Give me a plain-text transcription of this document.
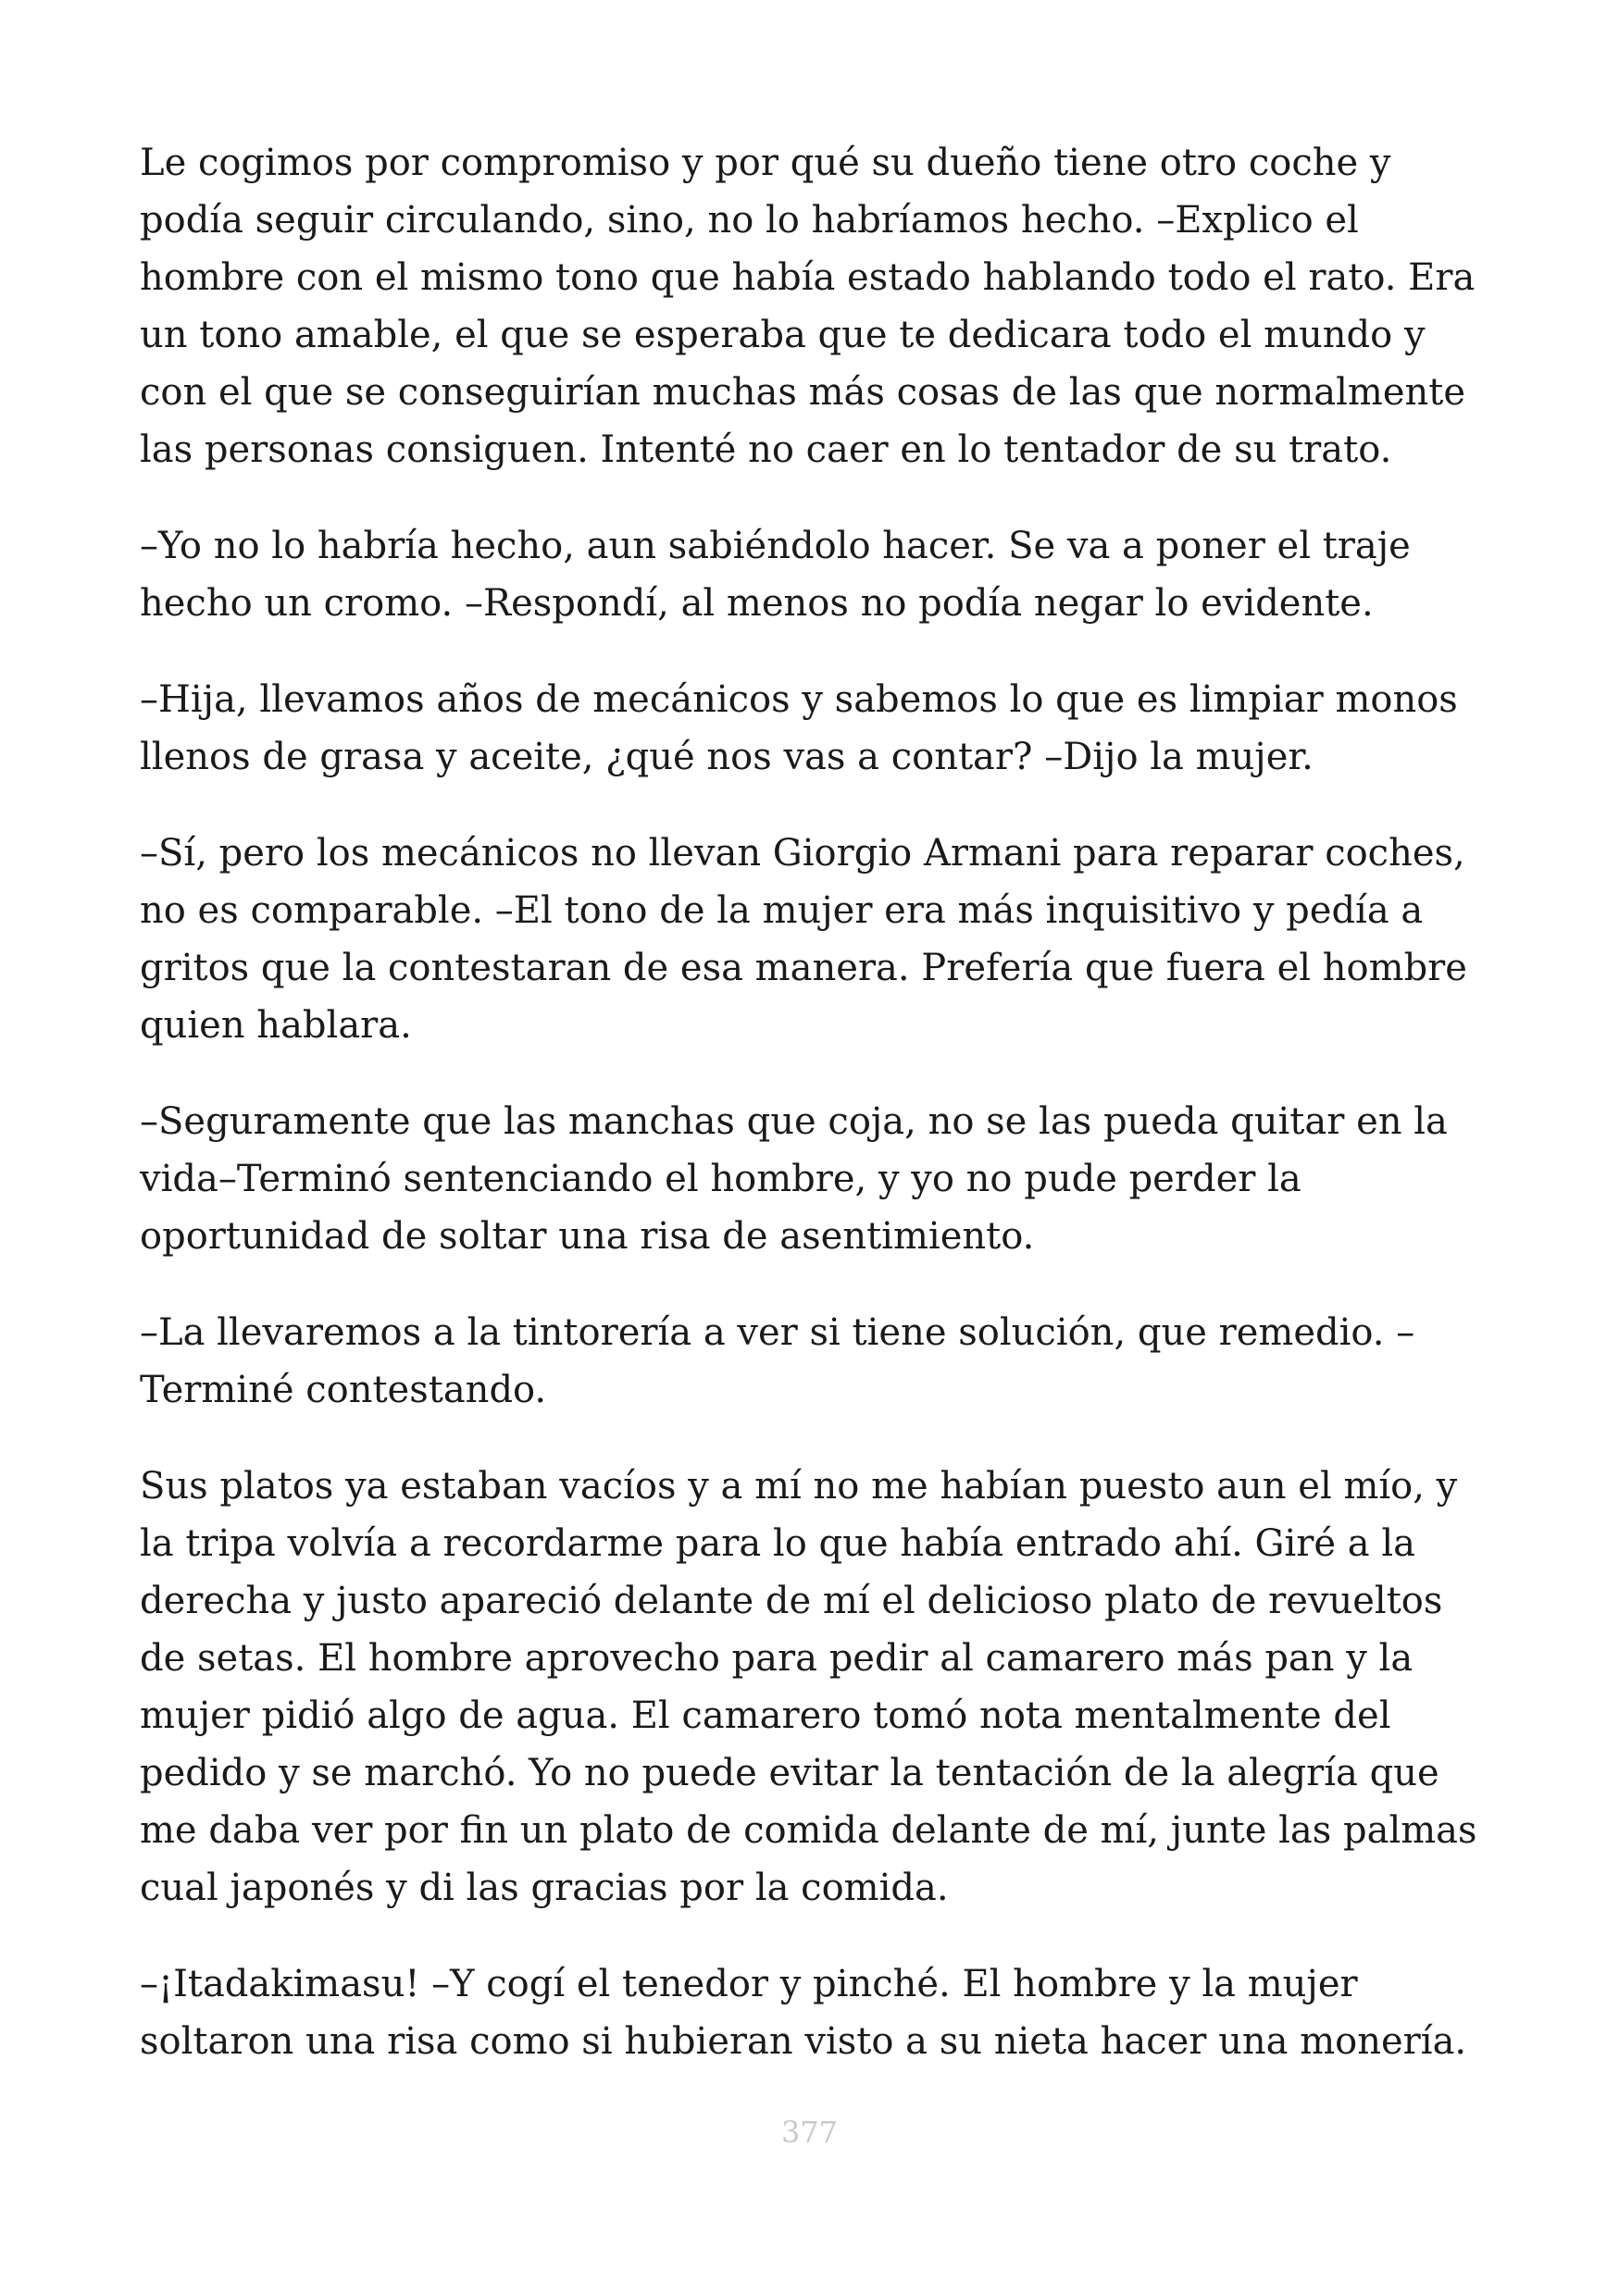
Le cogimos por compromiso y por qué su dueño tiene otro coche y podía seguir circulando, sino, no lo habríamos hecho. –Explico el hombre con el mismo tono que había estado hablando todo el rato. Era un tono amable, el que se esperaba que te dedicara todo el mundo y con el que se conseguirían muchas más cosas de las que normalmente las personas consiguen. Intenté no caer en lo tentador de su trato.

–Yo no lo habría hecho, aun sabiéndolo hacer. Se va a poner el traje hecho un cromo. –Respondí, al menos no podía negar lo evidente.

–Hija, llevamos años de mecánicos y sabemos lo que es limpiar monos llenos de grasa y aceite, ¿qué nos vas a contar? –Dijo la mujer.

–Sí, pero los mecánicos no llevan Giorgio Armani para reparar coches, no es comparable. –El tono de la mujer era más inquisitivo y pedía a gritos que la contestaran de esa manera. Prefería que fuera el hombre quien hablara.

–Seguramente que las manchas que coja, no se las pueda quitar en la vida–Terminó sentenciando el hombre, y yo no pude perder la oportunidad de soltar una risa de asentimiento.

–La llevaremos a la tintorería a ver si tiene solución, que remedio. –Terminé contestando.

Sus platos ya estaban vacíos y a mí no me habían puesto aun el mío, y la tripa volvía a recordarme para lo que había entrado ahí. Giré a la derecha y justo apareció delante de mí el delicioso plato de revueltos de setas. El hombre aprovecho para pedir al camarero más pan y la mujer pidió algo de agua. El camarero tomó nota mentalmente del pedido y se marchó. Yo no puede evitar la tentación de la alegría que me daba ver por fin un plato de comida delante de mí, junte las palmas cual japonés y di las gracias por la comida.

–¡Itadakimasu! –Y cogí el tenedor y pinché. El hombre y la mujer soltaron una risa como si hubieran visto a su nieta hacer una monería.

377
